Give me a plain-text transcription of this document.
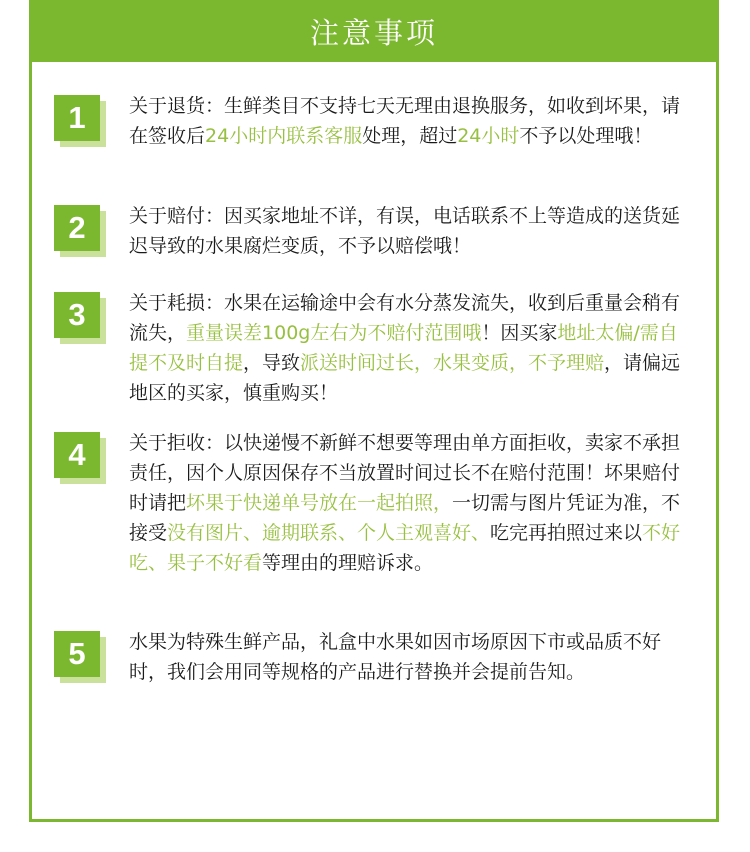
注意事项
1	关于退货：生鲜类目不支持七天无理由退换服务，如收到坏果，请在签收后24小时内联系客服处理，超过24小时不予以处理哦！
2	关于赔付：因买家地址不详，有误，电话联系不上等造成的送货延迟导致的水果腐烂变质，不予以赔偿哦！
3	关于耗损：水果在运输途中会有水分蒸发流失，收到后重量会稍有流失，重量误差100g左右为不赔付范围哦！因买家地址太偏/需自提不及时自提，导致派送时间过长，水果变质，不予理赔，请偏远地区的买家，慎重购买！
4	关于拒收：以快递慢不新鲜不想要等理由单方面拒收，卖家不承担责任，因个人原因保存不当放置时间过长不在赔付范围！坏果赔付时请把坏果于快递单号放在一起拍照，一切需与图片凭证为准，不接受没有图片、逾期联系、个人主观喜好、吃完再拍照过来以不好吃、果子不好看等理由的理赔诉求。
5	水果为特殊生鲜产品，礼盒中水果如因市场原因下市或品质不好时，我们会用同等规格的产品进行替换并会提前告知。
